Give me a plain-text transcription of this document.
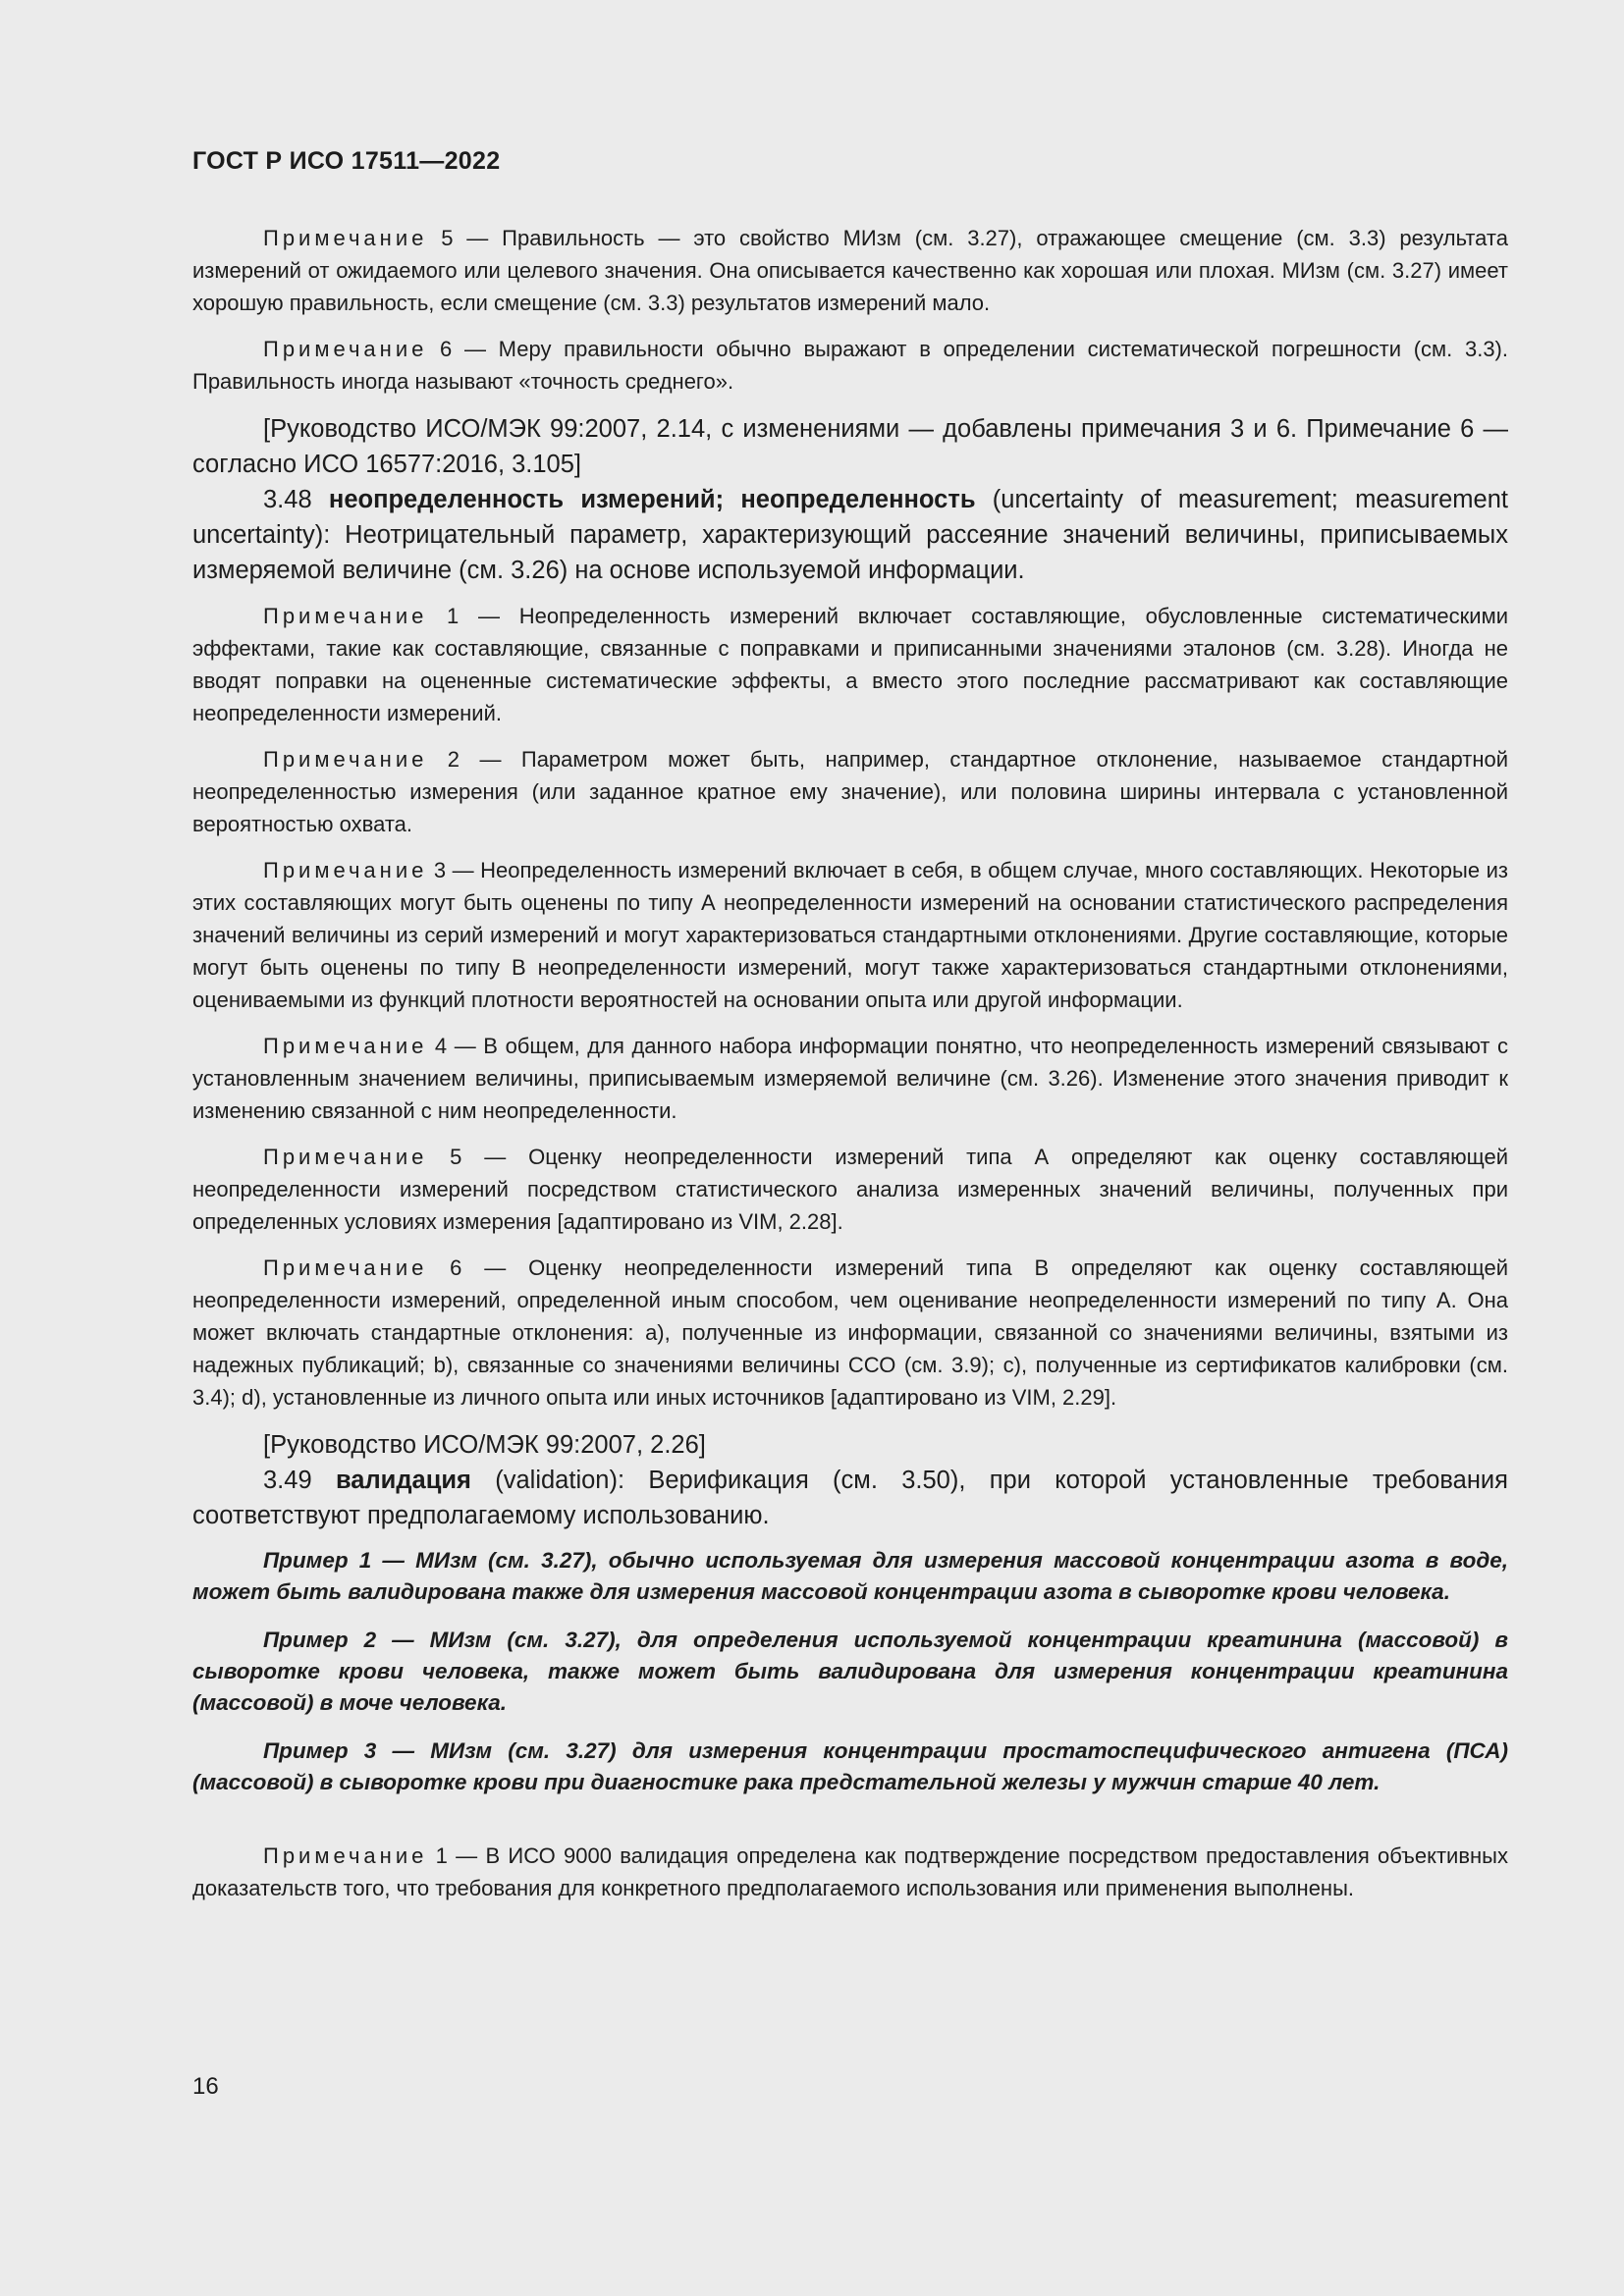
ГОСТ Р ИСО 17511—2022

Примечание 5 — Правильность — это свойство МИзм (см. 3.27), отражающее смещение (см. 3.3) результата измерений от ожидаемого или целевого значения. Она описывается качественно как хорошая или плохая. МИзм (см. 3.27) имеет хорошую правильность, если смещение (см. 3.3) результатов измерений мало.

Примечание 6 — Меру правильности обычно выражают в определении систематической погрешности (см. 3.3). Правильность иногда называют «точность среднего».

[Руководство ИСО/МЭК 99:2007, 2.14, с изменениями — добавлены примечания 3 и 6. Примечание 6 — согласно ИСО 16577:2016, 3.105]

3.48 неопределенность измерений; неопределенность (uncertainty of measurement; measurement uncertainty): Неотрицательный параметр, характеризующий рассеяние значений величины, приписываемых измеряемой величине (см. 3.26) на основе используемой информации.

Примечание 1 — Неопределенность измерений включает составляющие, обусловленные систематическими эффектами, такие как составляющие, связанные с поправками и приписанными значениями эталонов (см. 3.28). Иногда не вводят поправки на оцененные систематические эффекты, а вместо этого последние рассматривают как составляющие неопределенности измерений.

Примечание 2 — Параметром может быть, например, стандартное отклонение, называемое стандартной неопределенностью измерения (или заданное кратное ему значение), или половина ширины интервала с установленной вероятностью охвата.

Примечание 3 — Неопределенность измерений включает в себя, в общем случае, много составляющих. Некоторые из этих составляющих могут быть оценены по типу А неопределенности измерений на основании статистического распределения значений величины из серий измерений и могут характеризоваться стандартными отклонениями. Другие составляющие, которые могут быть оценены по типу В неопределенности измерений, могут также характеризоваться стандартными отклонениями, оцениваемыми из функций плотности вероятностей на основании опыта или другой информации.

Примечание 4 — В общем, для данного набора информации понятно, что неопределенность измерений связывают с установленным значением величины, приписываемым измеряемой величине (см. 3.26). Изменение этого значения приводит к изменению связанной с ним неопределенности.

Примечание 5 — Оценку неопределенности измерений типа А определяют как оценку составляющей неопределенности измерений посредством статистического анализа измеренных значений величины, полученных при определенных условиях измерения [адаптировано из VIM, 2.28].

Примечание 6 — Оценку неопределенности измерений типа В определяют как оценку составляющей неопределенности измерений, определенной иным способом, чем оценивание неопределенности измерений по типу А. Она может включать стандартные отклонения: a), полученные из информации, связанной со значениями величины, взятыми из надежных публикаций; b), связанные со значениями величины ССО (см. 3.9); c), полученные из сертификатов калибровки (см. 3.4); d), установленные из личного опыта или иных источников [адаптировано из VIM, 2.29].

[Руководство ИСО/МЭК 99:2007, 2.26]

3.49 валидация (validation): Верификация (см. 3.50), при которой установленные требования соответствуют предполагаемому использованию.

Пример 1 — МИзм (см. 3.27), обычно используемая для измерения массовой концентрации азота в воде, может быть валидирована также для измерения массовой концентрации азота в сыворотке крови человека.

Пример 2 — МИзм (см. 3.27), для определения используемой концентрации креатинина (массовой) в сыворотке крови человека, также может быть валидирована для измерения концентрации креатинина (массовой) в моче человека.

Пример 3 — МИзм (см. 3.27) для измерения концентрации простатоспецифического антигена (ПСА) (массовой) в сыворотке крови при диагностике рака предстательной железы у мужчин старше 40 лет.

Примечание 1 — В ИСО 9000 валидация определена как подтверждение посредством предоставления объективных доказательств того, что требования для конкретного предполагаемого использования или применения выполнены.

16
